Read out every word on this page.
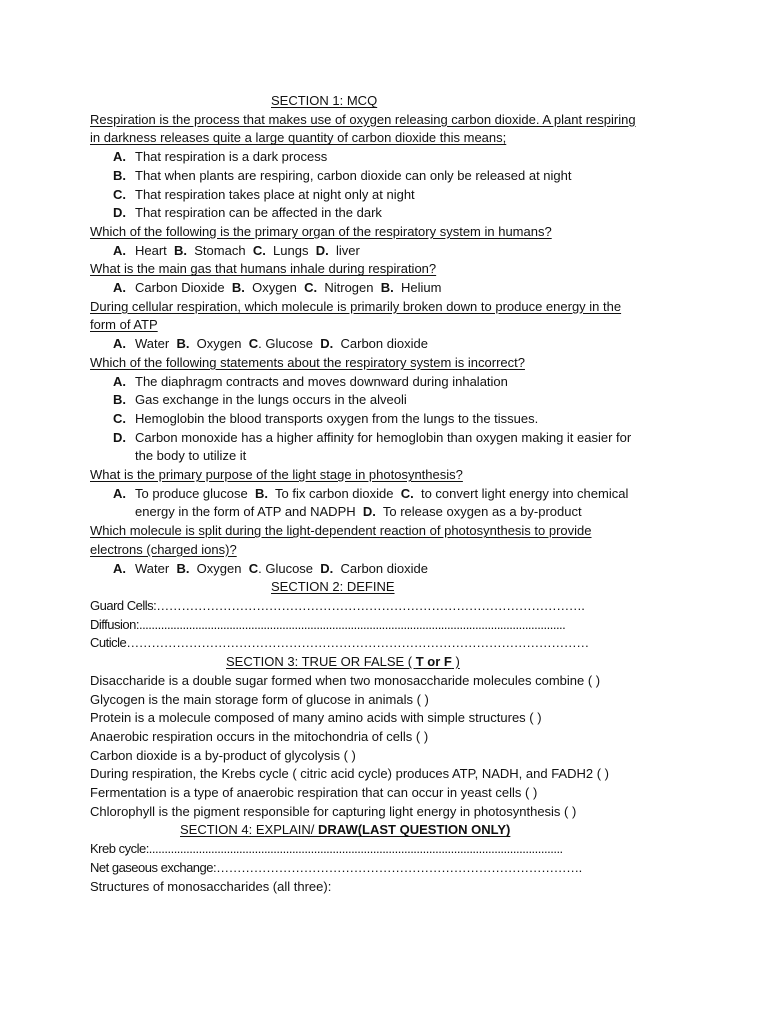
SECTION 1: MCQ
Respiration is the process that makes use of oxygen releasing carbon dioxide. A plant respiring
in darkness releases quite a large quantity of carbon dioxide this means;
A. That respiration is a dark process
B. That when plants are respiring, carbon dioxide can only be released at night
C. That respiration takes place at night only at night
D. That respiration can be affected in the dark
Which of the following is the primary organ of the respiratory system in humans?
A. Heart B. Stomach C. Lungs D. liver
What is the main gas that humans inhale during respiration?
A. Carbon Dioxide B. Oxygen C. Nitrogen B. Helium
During cellular respiration, which molecule is primarily broken down to produce energy in the
form of ATP
A. Water B. Oxygen C. Glucose D. Carbon dioxide
Which of the following statements about the respiratory system is incorrect?
A. The diaphragm contracts and moves downward during inhalation
B. Gas exchange in the lungs occurs in the alveoli
C. Hemoglobin the blood transports oxygen from the lungs to the tissues.
D. Carbon monoxide has a higher affinity for hemoglobin than oxygen making it easier for
the body to utilize it
What is the primary purpose of the light stage in photosynthesis?
A. To produce glucose B. To fix carbon dioxide C. to convert light energy into chemical
energy in the form of ATP and NADPH D. To release oxygen as a by-product
Which molecule is split during the light-dependent reaction of photosynthesis to provide
electrons (charged ions)?
A. Water B. Oxygen C. Glucose D. Carbon dioxide
SECTION 2: DEFINE
Guard Cells:………………………………………………………………………………………….
Diffusion:.........................................................................................................................................
Cuticle…………………………………………………………………………………………………
SECTION 3: TRUE OR FALSE ( T or F )
Disaccharide is a double sugar formed when two monosaccharide molecules combine ( )
Glycogen is the main storage form of glucose in animals ( )
Protein is a molecule composed of many amino acids with simple structures ( )
Anaerobic respiration occurs in the mitochondria of cells ( )
Carbon dioxide is a by-product of glycolysis ( )
During respiration, the Krebs cycle ( citric acid cycle) produces ATP, NADH, and FADH2 ( )
Fermentation is a type of anaerobic respiration that can occur in yeast cells ( )
Chlorophyll is the pigment responsible for capturing light energy in photosynthesis ( )
SECTION 4: EXPLAIN/ DRAW(LAST QUESTION ONLY)
Kreb cycle:.....................................................................................................................................
Net gaseous exchange:…………………………………………………………………………….
Structures of monosaccharides (all three):
